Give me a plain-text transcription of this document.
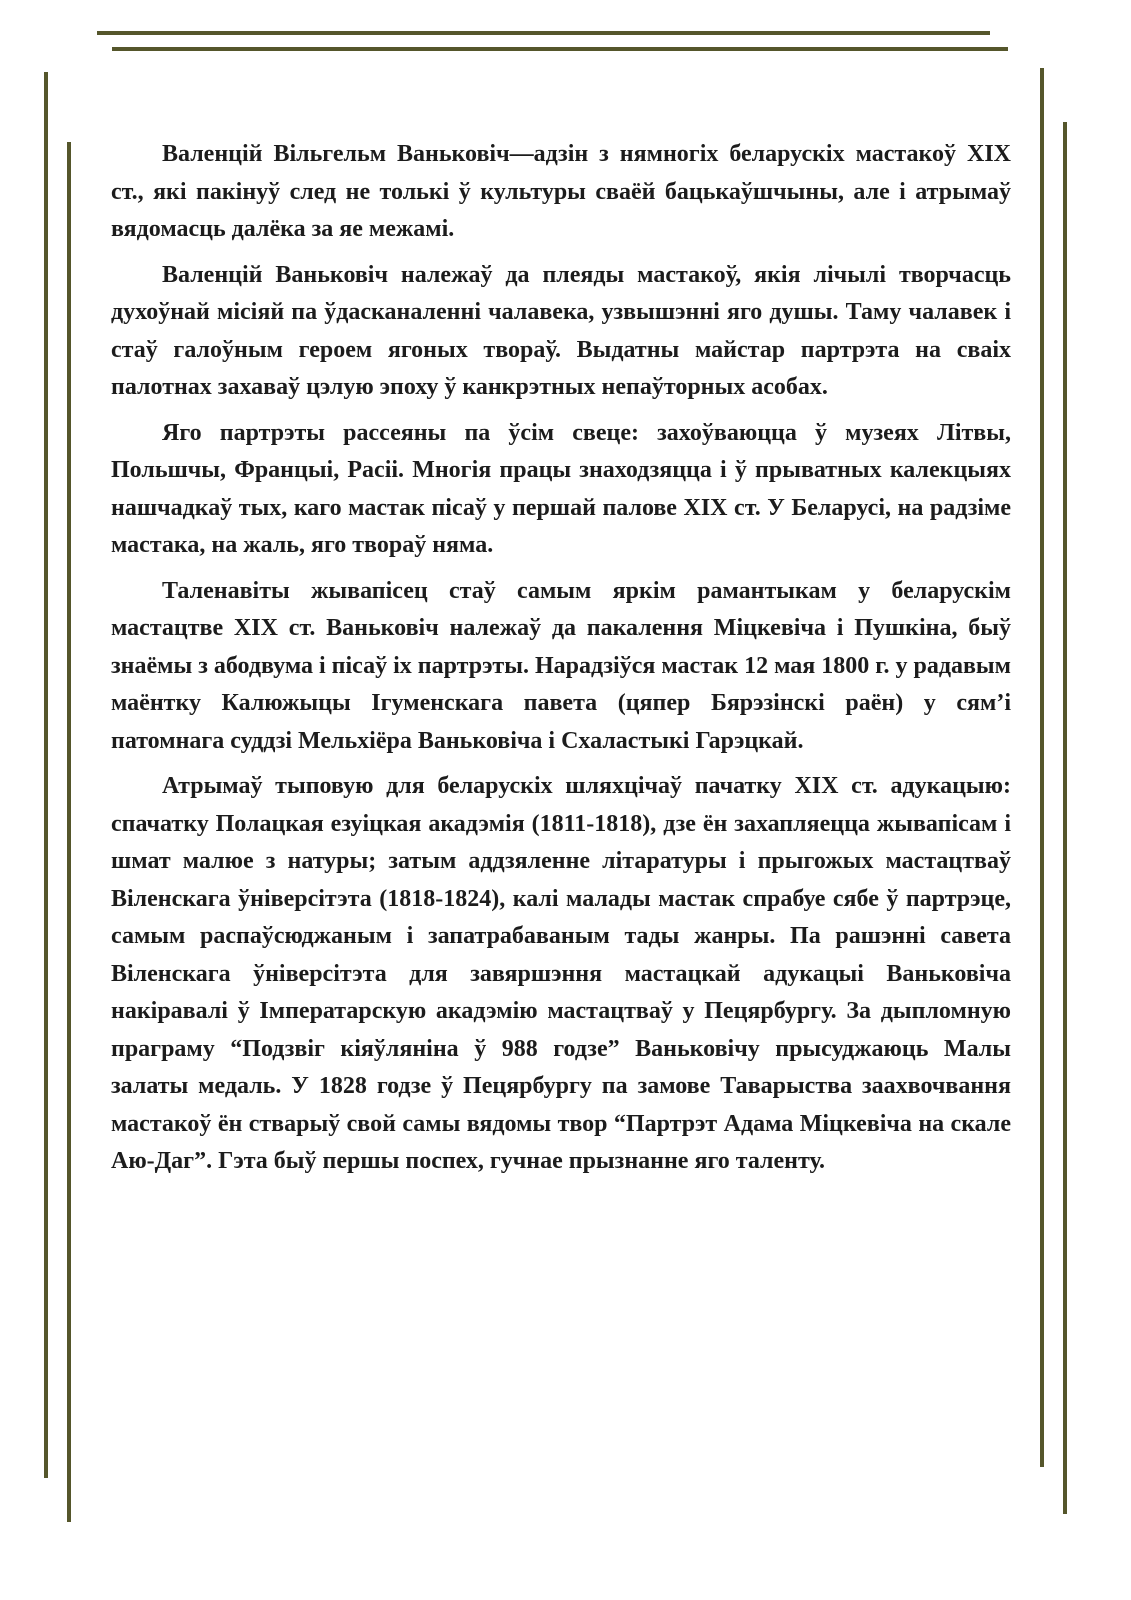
Валенцій Вільгельм Ваньковіч—адзін з нямногіх беларускіх мастакоў XIX ст., які пакінуў след не толькі ў культуры сваёй бацькаўшчыны, але і атрымаў вядомасць далёка за яе межамі.

Валенцій Ваньковіч належаў да плеяды мастакоў, якія лічылі творчасць духоўнай місіяй па ўдасканаленні чалавека, узвышэнні яго душы. Таму чалавек і стаў галоўным героем ягоных твораў. Выдатны майстар партрэта на сваіх палотнах захаваў цэлую эпоху ў канкрэтных непаўторных асобах.

Яго партрэты рассеяны па ўсім свеце: захоўваюцца ў музеях Літвы, Польшчы, Францыі, Расіі. Многія працы знаходзяцца і ў прыватных калекцыях нашчадкаў тых, каго мастак пісаў у першай палове XIX ст. У Беларусі, на радзіме мастака, на жаль, яго твораў няма.

Таленавіты жывапісец стаў самым яркім рамантыкам у беларускім мастацтве XIX ст. Ваньковіч належаў да пакалення Міцкевіча і Пушкіна, быў знаёмы з абодвума і пісаў іх партрэты. Нарадзіўся мастак 12 мая 1800 г. у радавым маёнтку Калюжыцы Ігуменскага павета (цяпер Бярэзінскі раён) у сям’і патомнага суддзі Мельхіёра Ваньковіча і Схаластыкі Гарэцкай.

Атрымаў тыповую для беларускіх шляхцічаў пачатку XIX ст. адукацыю: спачатку Полацкая езуіцкая акадэмія (1811-1818), дзе ён захапляецца жывапісам і шмат малюе з натуры; затым аддзяленне літаратуры і прыгожых мастацтваў Віленскага ўніверсітэта (1818-1824), калі малады мастак спрабуе сябе ў партрэце, самым распаўсюджаным і запатрабаваным тады жанры. Па рашэнні савета Віленскага ўніверсітэта для завяршэння мастацкай адукацыі Ваньковіча накіравалі ў Імператарскую акадэмію мастацтваў у Пецярбургу. За дыпломную праграму “Подзвіг кіяўляніна ў 988 годзе” Ваньковічу прысуджаюць Малы залаты медаль. У 1828 годзе ў Пецярбургу па замове Таварыства заахвочвання мастакоў ён стварыў свой самы вядомы твор “Партрэт Адама Міцкевіча на скале Аю-Даг”. Гэта быў першы поспех, гучнае прызнанне яго таленту.
